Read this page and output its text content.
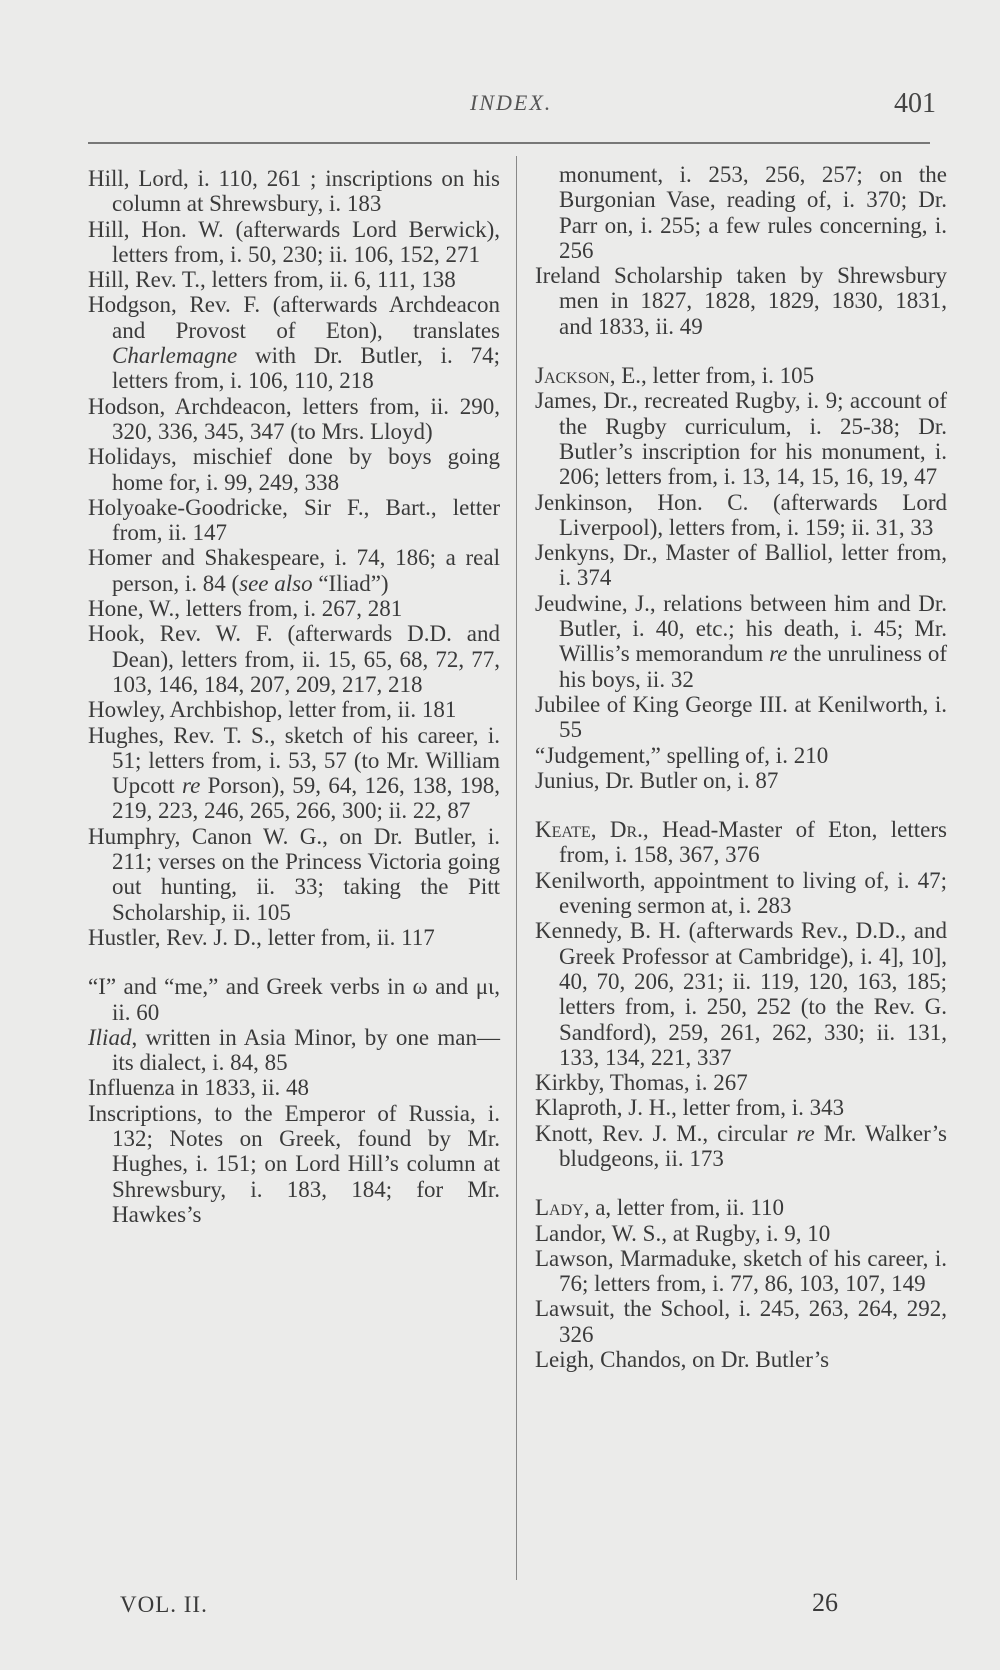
INDEX.	401

Hill, Lord, i. 110, 261 ; inscriptions on his column at Shrewsbury, i. 183

Hill, Hon. W. (afterwards Lord Berwick), letters from, i. 50, 230; ii. 106, 152, 271

Hill, Rev. T., letters from, ii. 6, 111, 138

Hodgson, Rev. F. (afterwards Archdeacon and Provost of Eton), translates Charlemagne with Dr. Butler, i. 74; letters from, i. 106, 110, 218

Hodson, Archdeacon, letters from, ii. 290, 320, 336, 345, 347 (to Mrs. Lloyd)

Holidays, mischief done by boys going home for, i. 99, 249, 338

Holyoake-Goodricke, Sir F., Bart., letter from, ii. 147

Homer and Shakespeare, i. 74, 186; a real person, i. 84 (see also “Iliad”)

Hone, W., letters from, i. 267, 281

Hook, Rev. W. F. (afterwards D.D. and Dean), letters from, ii. 15, 65, 68, 72, 77, 103, 146, 184, 207, 209, 217, 218

Howley, Archbishop, letter from, ii. 181

Hughes, Rev. T. S., sketch of his career, i. 51; letters from, i. 53, 57 (to Mr. William Upcott re Porson), 59, 64, 126, 138, 198, 219, 223, 246, 265, 266, 300; ii. 22, 87

Humphry, Canon W. G., on Dr. Butler, i. 211; verses on the Princess Victoria going out hunting, ii. 33; taking the Pitt Scholarship, ii. 105

Hustler, Rev. J. D., letter from, ii. 117

“I” and “me,” and Greek verbs in ω and μι, ii. 60

Iliad, written in Asia Minor, by one man—its dialect, i. 84, 85

Influenza in 1833, ii. 48

Inscriptions, to the Emperor of Russia, i. 132; Notes on Greek, found by Mr. Hughes, i. 151; on Lord Hill’s column at Shrewsbury, i. 183, 184; for Mr. Hawkes’s

monument, i. 253, 256, 257; on the Burgonian Vase, reading of, i. 370; Dr. Parr on, i. 255; a few rules concerning, i. 256

Ireland Scholarship taken by Shrewsbury men in 1827, 1828, 1829, 1830, 1831, and 1833, ii. 49

Jackson, E., letter from, i. 105

James, Dr., recreated Rugby, i. 9; account of the Rugby curriculum, i. 25-38; Dr. Butler’s inscription for his monument, i. 206; letters from, i. 13, 14, 15, 16, 19, 47

Jenkinson, Hon. C. (afterwards Lord Liverpool), letters from, i. 159; ii. 31, 33

Jenkyns, Dr., Master of Balliol, letter from, i. 374

Jeudwine, J., relations between him and Dr. Butler, i. 40, etc.; his death, i. 45; Mr. Willis’s memorandum re the unruliness of his boys, ii. 32

Jubilee of King George III. at Kenilworth, i. 55

“Judgement,” spelling of, i. 210

Junius, Dr. Butler on, i. 87

Keate, Dr., Head-Master of Eton, letters from, i. 158, 367, 376

Kenilworth, appointment to living of, i. 47; evening sermon at, i. 283

Kennedy, B. H. (afterwards Rev., D.D., and Greek Professor at Cambridge), i. 4], 10], 40, 70, 206, 231; ii. 119, 120, 163, 185; letters from, i. 250, 252 (to the Rev. G. Sandford), 259, 261, 262, 330; ii. 131, 133, 134, 221, 337

Kirkby, Thomas, i. 267

Klaproth, J. H., letter from, i. 343

Knott, Rev. J. M., circular re Mr. Walker’s bludgeons, ii. 173

Lady, a, letter from, ii. 110

Landor, W. S., at Rugby, i. 9, 10

Lawson, Marmaduke, sketch of his career, i. 76; letters from, i. 77, 86, 103, 107, 149

Lawsuit, the School, i. 245, 263, 264, 292, 326

Leigh, Chandos, on Dr. Butler’s

VOL. II.	26
